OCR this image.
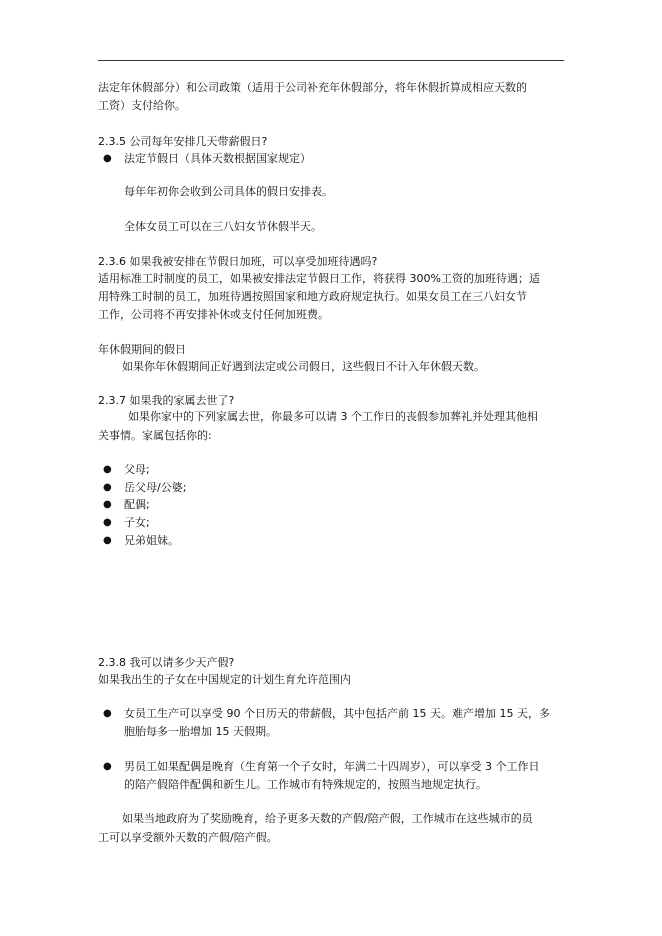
法定年休假部分）和公司政策（适用于公司补充年休假部分，将年休假折算成相应天数的
工资）支付给你。
2.3.5 公司每年安排几天带薪假日?
● 法定节假日（具体天数根据国家规定）
每年年初你会收到公司具体的假日安排表。
全体女员工可以在三八妇女节休假半天。
2.3.6 如果我被安排在节假日加班，可以享受加班待遇吗?
适用标准工时制度的员工，如果被安排法定节假日工作，将获得 300%工资的加班待遇；适
用特殊工时制的员工，加班待遇按照国家和地方政府规定执行。如果女员工在三八妇女节
工作，公司将不再安排补休或支付任何加班费。
年休假期间的假日
如果你年休假期间正好遇到法定或公司假日，这些假日不计入年休假天数。
2.3.7 如果我的家属去世了?
如果你家中的下列家属去世，你最多可以请 3 个工作日的丧假参加葬礼并处理其他相
关事情。家属包括你的:
● 父母;
● 岳父母/公婆;
● 配偶;
● 子女;
● 兄弟姐妹。
2.3.8 我可以请多少天产假?
如果我出生的子女在中国规定的计划生育允许范围内
● 女员工生产可以享受 90 个日历天的带薪假，其中包括产前 15 天。难产增加 15 天，多
胞胎每多一胎增加 15 天假期。
● 男员工如果配偶是晚育（生育第一个子女时，年满二十四周岁），可以享受 3 个工作日
的陪产假陪伴配偶和新生儿。工作城市有特殊规定的，按照当地规定执行。
如果当地政府为了奖励晚育，给予更多天数的产假/陪产假，工作城市在这些城市的员
工可以享受额外天数的产假/陪产假。
